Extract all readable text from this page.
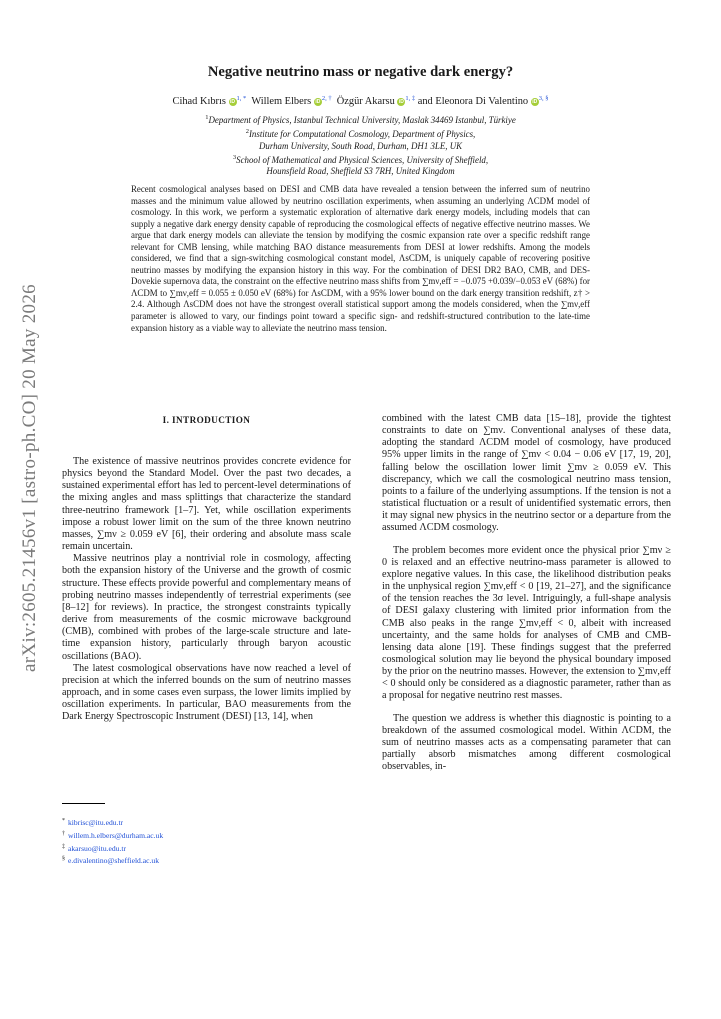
arXiv:2605.21456v1 [astro-ph.CO] 20 May 2026
Negative neutrino mass or negative dark energy?
Cihad Kıbrıs iD $^{1, *}$ Willem Elbers iD $^{2, \dagger}$ Özgür Akarsu iD $^{1, \ddagger}$ and Eleonora Di Valentino iD $^{3, \S}$
$^1$Department of Physics, Istanbul Technical University, Maslak 34469 Istanbul, Türkiye
$^2$Institute for Computational Cosmology, Department of Physics,
Durham University, South Road, Durham, DH1 3LE, UK
$^3$School of Mathematical and Physical Sciences, University of Sheffield,
Hounsfield Road, Sheffield S3 7RH, United Kingdom
Recent cosmological analyses based on DESI and CMB data have revealed a tension between the inferred sum of neutrino masses and the minimum value allowed by neutrino oscillation experiments, when assuming an underlying ΛCDM model of cosmology. In this work, we perform a systematic exploration of alternative dark energy models, including models that can supply a negative dark energy density capable of reproducing the cosmological effects of negative effective neutrino masses. We argue that dark energy models can alleviate the tension by modifying the cosmic expansion rate over a specific redshift range relevant for CMB lensing, while matching BAO distance measurements from DESI at lower redshifts. Among the models considered, we find that a sign-switching cosmological constant model, ΛsCDM, is uniquely capable of recovering positive neutrino masses by modifying the expansion history in this way. For the combination of DESI DR2 BAO, CMB, and DES-Dovekie supernova data, the constraint on the effective neutrino mass shifts from ∑mν,eff = −0.075 +0.039/−0.053 eV (68%) for ΛCDM to ∑mν,eff = 0.055 ± 0.050 eV (68%) for ΛsCDM, with a 95% lower bound on the dark energy transition redshift, z† > 2.4. Although ΛsCDM does not have the strongest overall statistical support among the models considered, when the ∑mν,eff parameter is allowed to vary, our findings point toward a specific sign- and redshift-structured contribution to the late-time expansion history as a viable way to alleviate the neutrino mass tension.
I. INTRODUCTION

The existence of massive neutrinos provides concrete evidence for physics beyond the Standard Model. Over the past two decades, a sustained experimental effort has led to percent-level determinations of the mixing angles and mass splittings that characterize the standard three-neutrino framework [1–7]. Yet, while oscillation experiments impose a robust lower limit on the sum of the three known neutrino masses, ∑mν ≥ 0.059 eV [6], their ordering and absolute mass scale remain uncertain.

Massive neutrinos play a nontrivial role in cosmology, affecting both the expansion history of the Universe and the growth of cosmic structure. These effects provide powerful and complementary means of probing neutrino masses independently of terrestrial experiments (see [8–12] for reviews). In practice, the strongest constraints typically derive from measurements of the cosmic microwave background (CMB), combined with probes of the large-scale structure and late-time expansion history, particularly through baryon acoustic oscillations (BAO).

The latest cosmological observations have now reached a level of precision at which the inferred bounds on the sum of neutrino masses approach, and in some cases even surpass, the lower limits implied by oscillation experiments. In particular, BAO measurements from the Dark Energy Spectroscopic Instrument (DESI) [13, 14], when

combined with the latest CMB data [15–18], provide the tightest constraints to date on ∑mν. Conventional analyses of these data, adopting the standard ΛCDM model of cosmology, have produced 95% upper limits in the range of ∑mν < 0.04 − 0.06 eV [17, 19, 20], falling below the oscillation lower limit ∑mν ≥ 0.059 eV. This discrepancy, which we call the cosmological neutrino mass tension, points to a failure of the underlying assumptions. If the tension is not a statistical fluctuation or a result of unidentified systematic errors, then it may signal new physics in the neutrino sector or a departure from the assumed ΛCDM cosmology.

The problem becomes more evident once the physical prior ∑mν ≥ 0 is relaxed and an effective neutrino-mass parameter is allowed to explore negative values. In this case, the likelihood distribution peaks in the unphysical region ∑mν,eff < 0 [19, 21–27], and the significance of the tension reaches the 3σ level. Intriguingly, a full-shape analysis of DESI galaxy clustering with limited prior information from the CMB also peaks in the range ∑mν,eff < 0, albeit with increased uncertainty, and the same holds for analyses of CMB and CMB-lensing data alone [19]. These findings suggest that the preferred cosmological solution may lie beyond the physical boundary imposed by the prior on the neutrino masses. However, the extension to ∑mν,eff < 0 should only be considered as a diagnostic parameter, rather than as a proposal for negative neutrino rest masses.

The question we address is whether this diagnostic is pointing to a breakdown of the assumed cosmological model. Within ΛCDM, the sum of neutrino masses acts as a compensating parameter that can partially absorb mismatches among different cosmological observables, in-

* kibrisc@itu.edu.tr
† willem.h.elbers@durham.ac.uk
‡ akarsuo@itu.edu.tr
§ e.divalentino@sheffield.ac.uk
